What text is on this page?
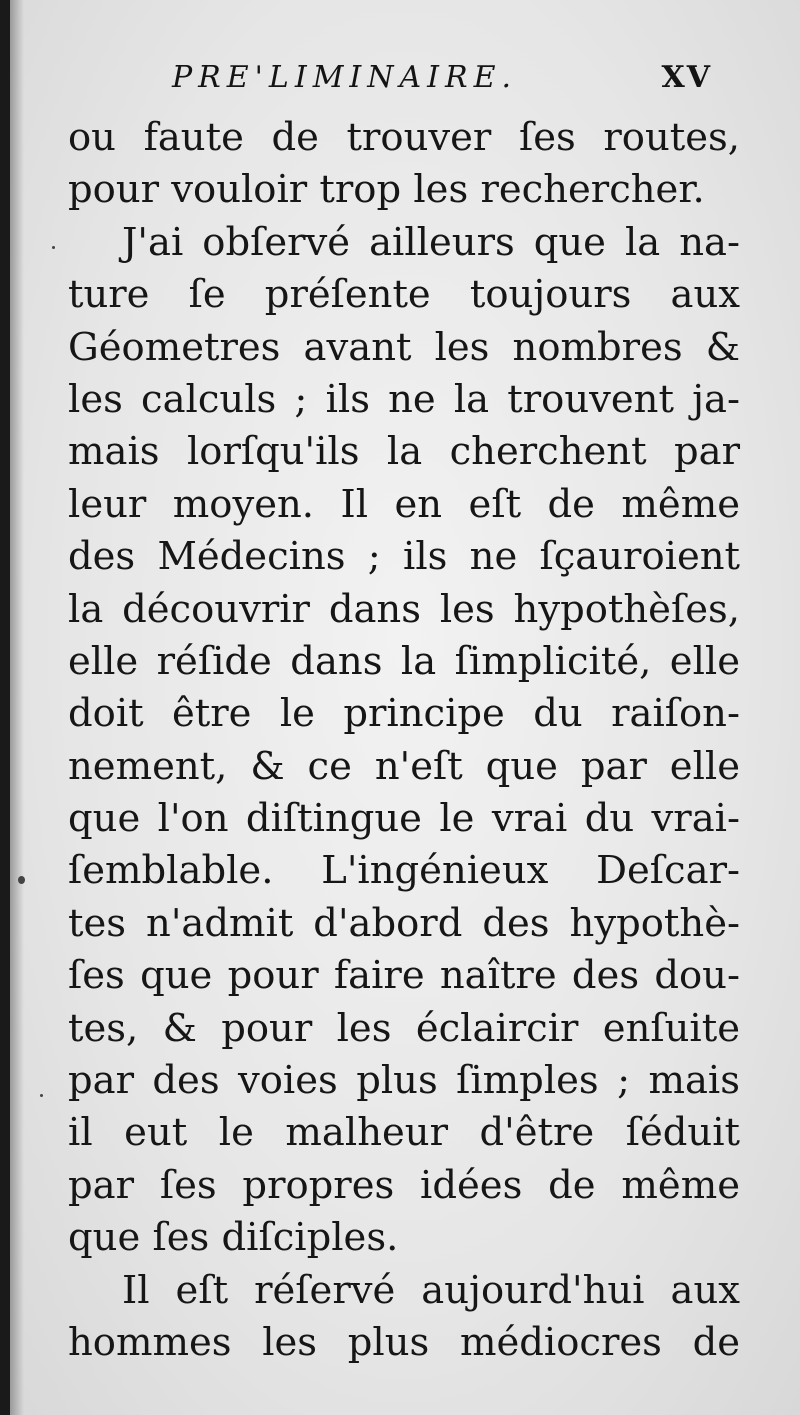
PRE'LIMINAIRE.	XV
ou faute de trouver ſes routes,
pour vouloir trop les rechercher.
J'ai obſervé ailleurs que la na-
ture ſe préſente toujours aux
Géometres avant les nombres &
les calculs ; ils ne la trouvent ja-
mais lorſqu'ils la cherchent par
leur moyen. Il en eſt de même
des Médecins ; ils ne ſçauroient
la découvrir dans les hypothèſes,
elle réſide dans la ſimplicité, elle
doit être le principe du raiſon-
nement, & ce n'eſt que par elle
que l'on diſtingue le vrai du vrai-
ſemblable. L'ingénieux Deſcar-
tes n'admit d'abord des hypothè-
ſes que pour faire naître des dou-
tes, & pour les éclaircir enſuite
par des voies plus ſimples ; mais
il eut le malheur d'être ſéduit
par ſes propres idées de même
que ſes diſciples.
Il eſt réſervé aujourd'hui aux
hommes les plus médiocres de
